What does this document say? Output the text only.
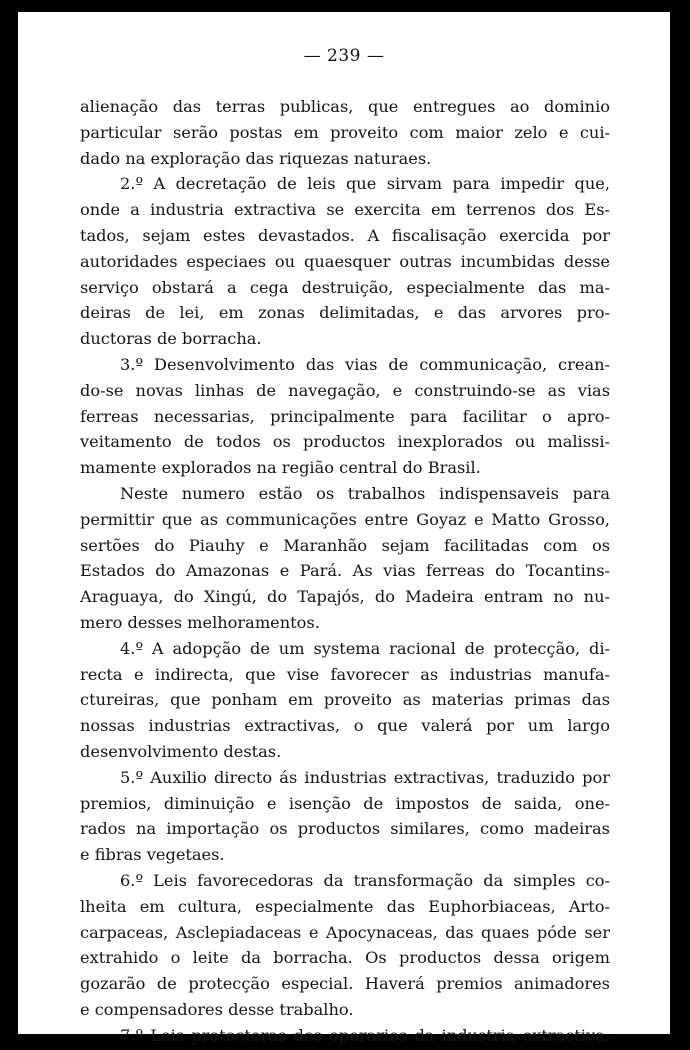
— 239 —
alienação das terras publicas, que entregues ao dominio
particular serão postas em proveito com maior zelo e cui-
dado na exploração das riquezas naturaes.
2.º A decretação de leis que sirvam para impedir que,
onde a industria extractiva se exercita em terrenos dos Es-
tados, sejam estes devastados. A fiscalisação exercida por
autoridades especiaes ou quaesquer outras incumbidas desse
serviço obstará a cega destruição, especialmente das ma-
deiras de lei, em zonas delimitadas, e das arvores pro-
ductoras de borracha.
3.º Desenvolvimento das vias de communicação, crean-
do-se novas linhas de navegação, e construindo-se as vias
ferreas necessarias, principalmente para facilitar o apro-
veitamento de todos os productos inexplorados ou malissi-
mamente explorados na região central do Brasil.
Neste numero estão os trabalhos indispensaveis para
permittir que as communicações entre Goyaz e Matto Grosso,
sertões do Piauhy e Maranhão sejam facilitadas com os
Estados do Amazonas e Pará. As vias ferreas do Tocantins-
Araguaya, do Xingú, do Tapajós, do Madeira entram no nu-
mero desses melhoramentos.
4.º A adopção de um systema racional de protecção, di-
recta e indirecta, que vise favorecer as industrias manufa-
ctureiras, que ponham em proveito as materias primas das
nossas industrias extractivas, o que valerá por um largo
desenvolvimento destas.
5.º Auxilio directo ás industrias extractivas, traduzido por
premios, diminuição e isenção de impostos de saida, one-
rados na importação os productos similares, como madeiras
e fibras vegetaes.
6.º Leis favorecedoras da transformação da simples co-
lheita em cultura, especialmente das Euphorbiaceas, Arto-
carpaceas, Asclepiadaceas e Apocynaceas, das quaes póde ser
extrahido o leite da borracha. Os productos dessa origem
gozarão de protecção especial. Haverá premios animadores
e compensadores desse trabalho.
7.º Leis protectoras dos operarios da industria extractiva,
